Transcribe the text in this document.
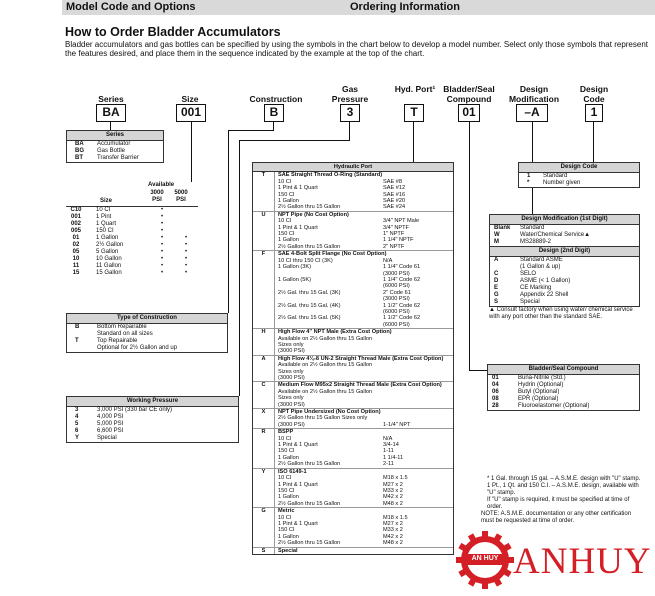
Model Code and Options	Ordering Information
How to Order Bladder Accumulators
Bladder accumulators and gas bottles can be specified by using the symbols in the chart below to develop a model number. Select only those symbols that represent the features desired, and place them in the sequence indicated by the example at the top of the chart.
Series
BA
Size
001
Construction
B
Gas Pressure
3
Hyd. Port¹
T
Bladder/Seal Compound
01
Design Modification
–A
Design Code
1
Series
BA	Accumulator
BG	Gas Bottle
BT	Transfer Barrier
Available
3000 PSI
5000 PSI
Size
C10	10 CI	•
001	1 Pint	•
002	1 Quart	•
005	150 CI	•
01	1 Gallon	•	•
02	2½ Gallon	•	•
05	5 Gallon	•	•
10	10 Gallon	•	•
11	11 Gallon	•	•
15	15 Gallon	•	•
Type of Construction
B	Bottom Repairable
Standard on all sizes
T	Top Repairable
Optional for 2½ Gallon and up
Working Pressure
3	3,000 PSI (330 bar CE only)
4	4,000 PSI
5	5,000 PSI
6	6,600 PSI
Y	Special
Hydraulic Port
T	SAE Straight Thread O-Ring (Standard)
10 CI	SAE #8
1 Pint & 1 Quart	SAE #12
150 CI	SAE #16
1 Gallon	SAE #20
2½ Gallon thru 15 Gallon	SAE #24
U	NPT Pipe (No Cost Option)
10 CI	3/4" NPT Male
1 Pint & 1 Quart	3/4" NPTF
150 CI	1" NPTF
1 Gallon	1 1/4" NPTF
2½ Gallon thru 15 Gallon	2" NPTF
F	SAE 4-Bolt Split Flange (No Cost Option)
10 CI thru 150 CI (3K)	N/A
1 Gallon (3K)	1 1/4" Code 61
(3000 PSI)
1 Gallon (5K)	1 1/4" Code 62
(6000 PSI)
2½ Gal. thru 15 Gal. (3K)	2" Code 61
(3000 PSI)
2½ Gal. thru 15 Gal. (4K)	1 1/2" Code 62
(6000 PSI)
2½ Gal. thru 15 Gal. (5K)	1 1/2" Code 62
(6000 PSI)
H	High Flow 4" NPT Male (Extra Cost Option)
Available on 2½ Gallon thru 15 Gallon Sizes only
(3000 PSI)
A	High Flow 4⅛-8 UN-2 Straight Thread Male (Extra Cost Option)
Available on 2½ Gallon thru 15 Gallon Sizes only
(3000 PSI)
C	Medium Flow M95x2 Straight Thread Male (Extra Cost Option)
Available on 2½ Gallon thru 15 Gallon Sizes only
(3000 PSI)
X	NPT Pipe Undersized (No Cost Option)
2½ Gallon thru 15 Gallon Sizes only
(3000 PSI)	1-1/4" NPT
R	BSPP
10 CI	N/A
1 Pint & 1 Quart	3/4-14
150 CI	1-11
1 Gallon	1 1/4-11
2½ Gallon thru 15 Gallon	2-11
Y	ISO 6149-1
10 CI	M18 x 1.5
1 Pint & 1 Quart	M27 x 2
150 CI	M33 x 2
1 Gallon	M42 x 2
2½ Gallon thru 15 Gallon	M48 x 2
G	Metric
10 CI	M18 x 1.5
1 Pint & 1 Quart	M27 x 2
150 CI	M33 x 2
1 Gallon	M42 x 2
2½ Gallon thru 15 Gallon	M48 x 2
S	Special
Design Code
1	Standard
*	Number given
Design Modification (1st Digit)
Blank	Standard
W	Water/Chemical Service▲
M	MS28889-2
Design (2nd Digit)
A	Standard ASME
(1 Gallon & up)
C	SELO
D	ASME (< 1 Gallon)
E	CE Marking
G	Appendix 22 Shell
S	Special
▲ Consult factory when using water/ chemical service with any port other than the standard SAE.
Bladder/Seal Compound
01	Buna-Nitrile (Std.)
04	Hydrin (Optional)
06	Butyl (Optional)
08	EPR (Optional)
28	Fluoroelastomer (Optional)
* 1 Gal. through 15 gal. – A.S.M.E. design with "U" stamp.
1 Pt., 1 Qt. and 150 C.I. – A.S.M.E. design, available with "U" stamp.
If "U" stamp is required, it must be specified at time of order.
NOTE: A.S.M.E. documentation or any other certification must be requested at time of order.
AN HUY ANHUY
